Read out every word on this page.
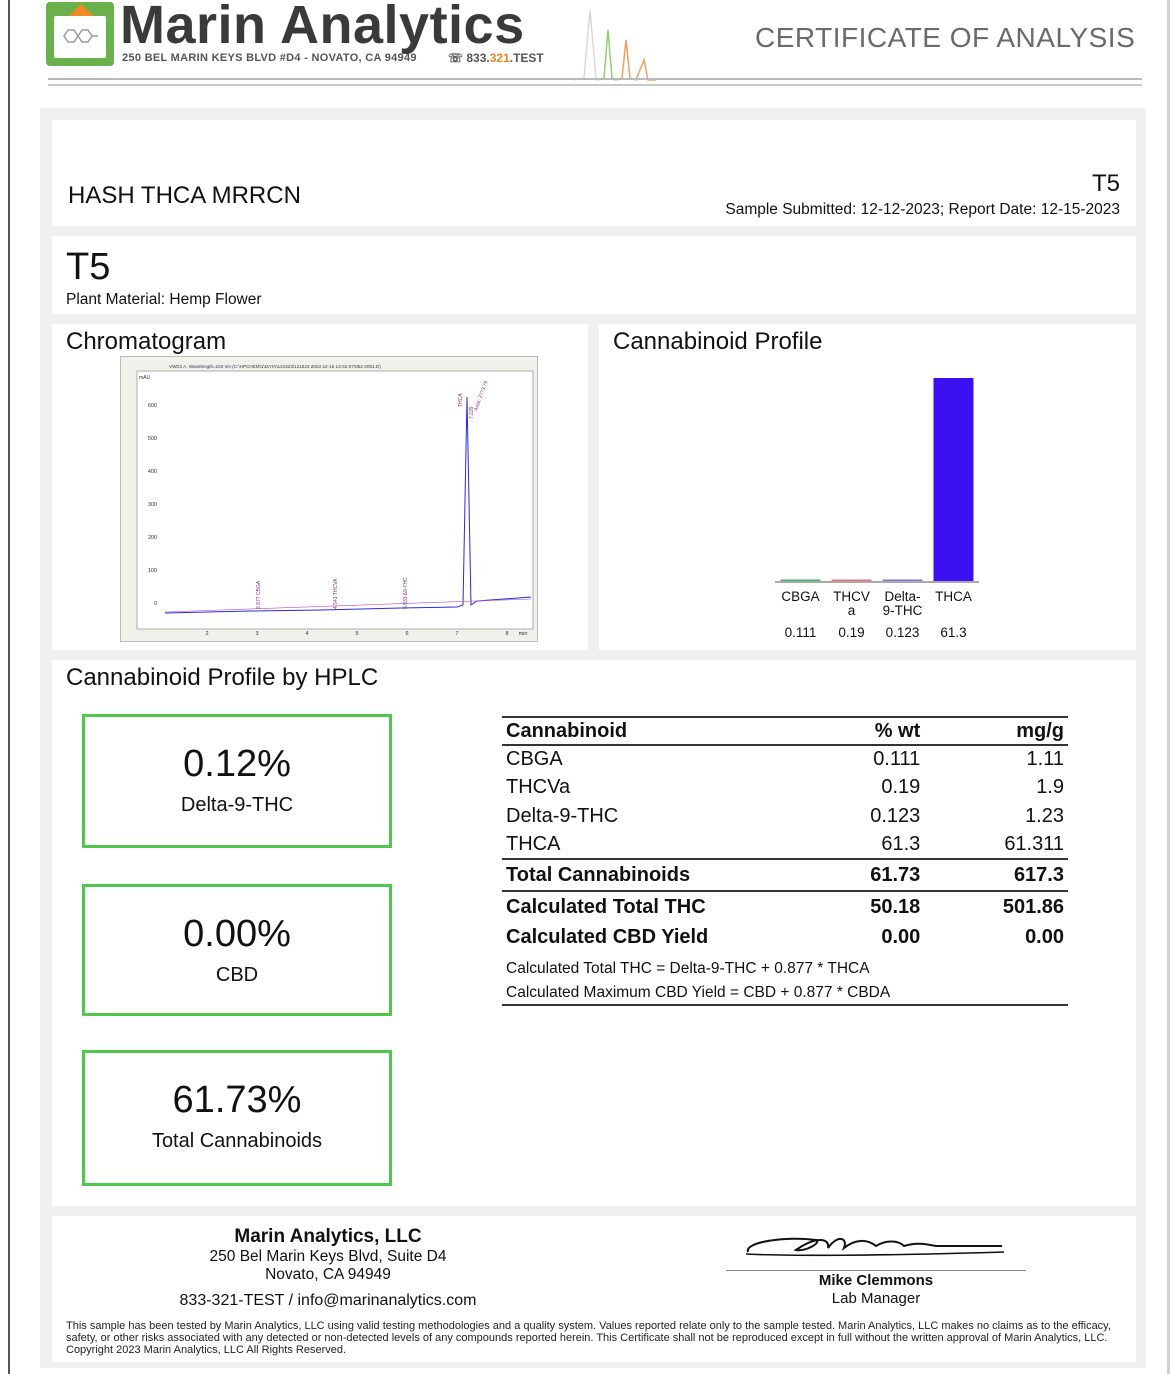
Marin Analytics
250 BEL MARIN KEYS BLVD #D4 - NOVATO, CA 94949	☏ 833.321.TEST
CERTIFICATE OF ANALYSIS
HASH THCA MRRCN	T5
Sample Submitted: 12-12-2023; Report Date: 12-15-2023
T5
Plant Material: Hemp Flower
Chromatogram
VWD1 A, Wavelength=220 nm (C:\HPCHEM\1\DATA\121523\121523 2023-12-15 13-32-07\052-2001.D)
mAU
600
500
400
300
200
100
0
2	3	4	5	6	7	8 min
2.877 CBGA	4.541 THCVA	5.933 Δ9-THC
THCA
7.229
Area: 2773.79
Cannabinoid Profile
CBGA
0.111
THCV
a
0.19
Delta-
9-THC
0.123
THCA
61.3
Cannabinoid Profile by HPLC
0.12%
Delta-9-THC
0.00%
CBD
61.73%
Total Cannabinoids
Cannabinoid	% wt	mg/g
CBGA	0.111	1.11
THCVa	0.19	1.9
Delta-9-THC	0.123	1.23
THCA	61.3	61.311
Total Cannabinoids	61.73	617.3
Calculated Total THC	50.18	501.86
Calculated CBD Yield	0.00	0.00
Calculated Total THC = Delta-9-THC + 0.877 * THCA
Calculated Maximum CBD Yield = CBD + 0.877 * CBDA
Marin Analytics, LLC
250 Bel Marin Keys Blvd, Suite D4
Novato, CA 94949
833-321-TEST / info@marinanalytics.com
Mike Clemmons
Lab Manager
This sample has been tested by Marin Analytics, LLC using valid testing methodologies and a quality system. Values reported relate only to the sample tested. Marin Analytics, LLC makes no claims as to the efficacy, safety, or other risks associated with any detected or non-detected levels of any compounds reported herein. This Certificate shall not be reproduced except in full without the written approval of Marin Analytics, LLC. Copyright 2023 Marin Analytics, LLC All Rights Reserved.
